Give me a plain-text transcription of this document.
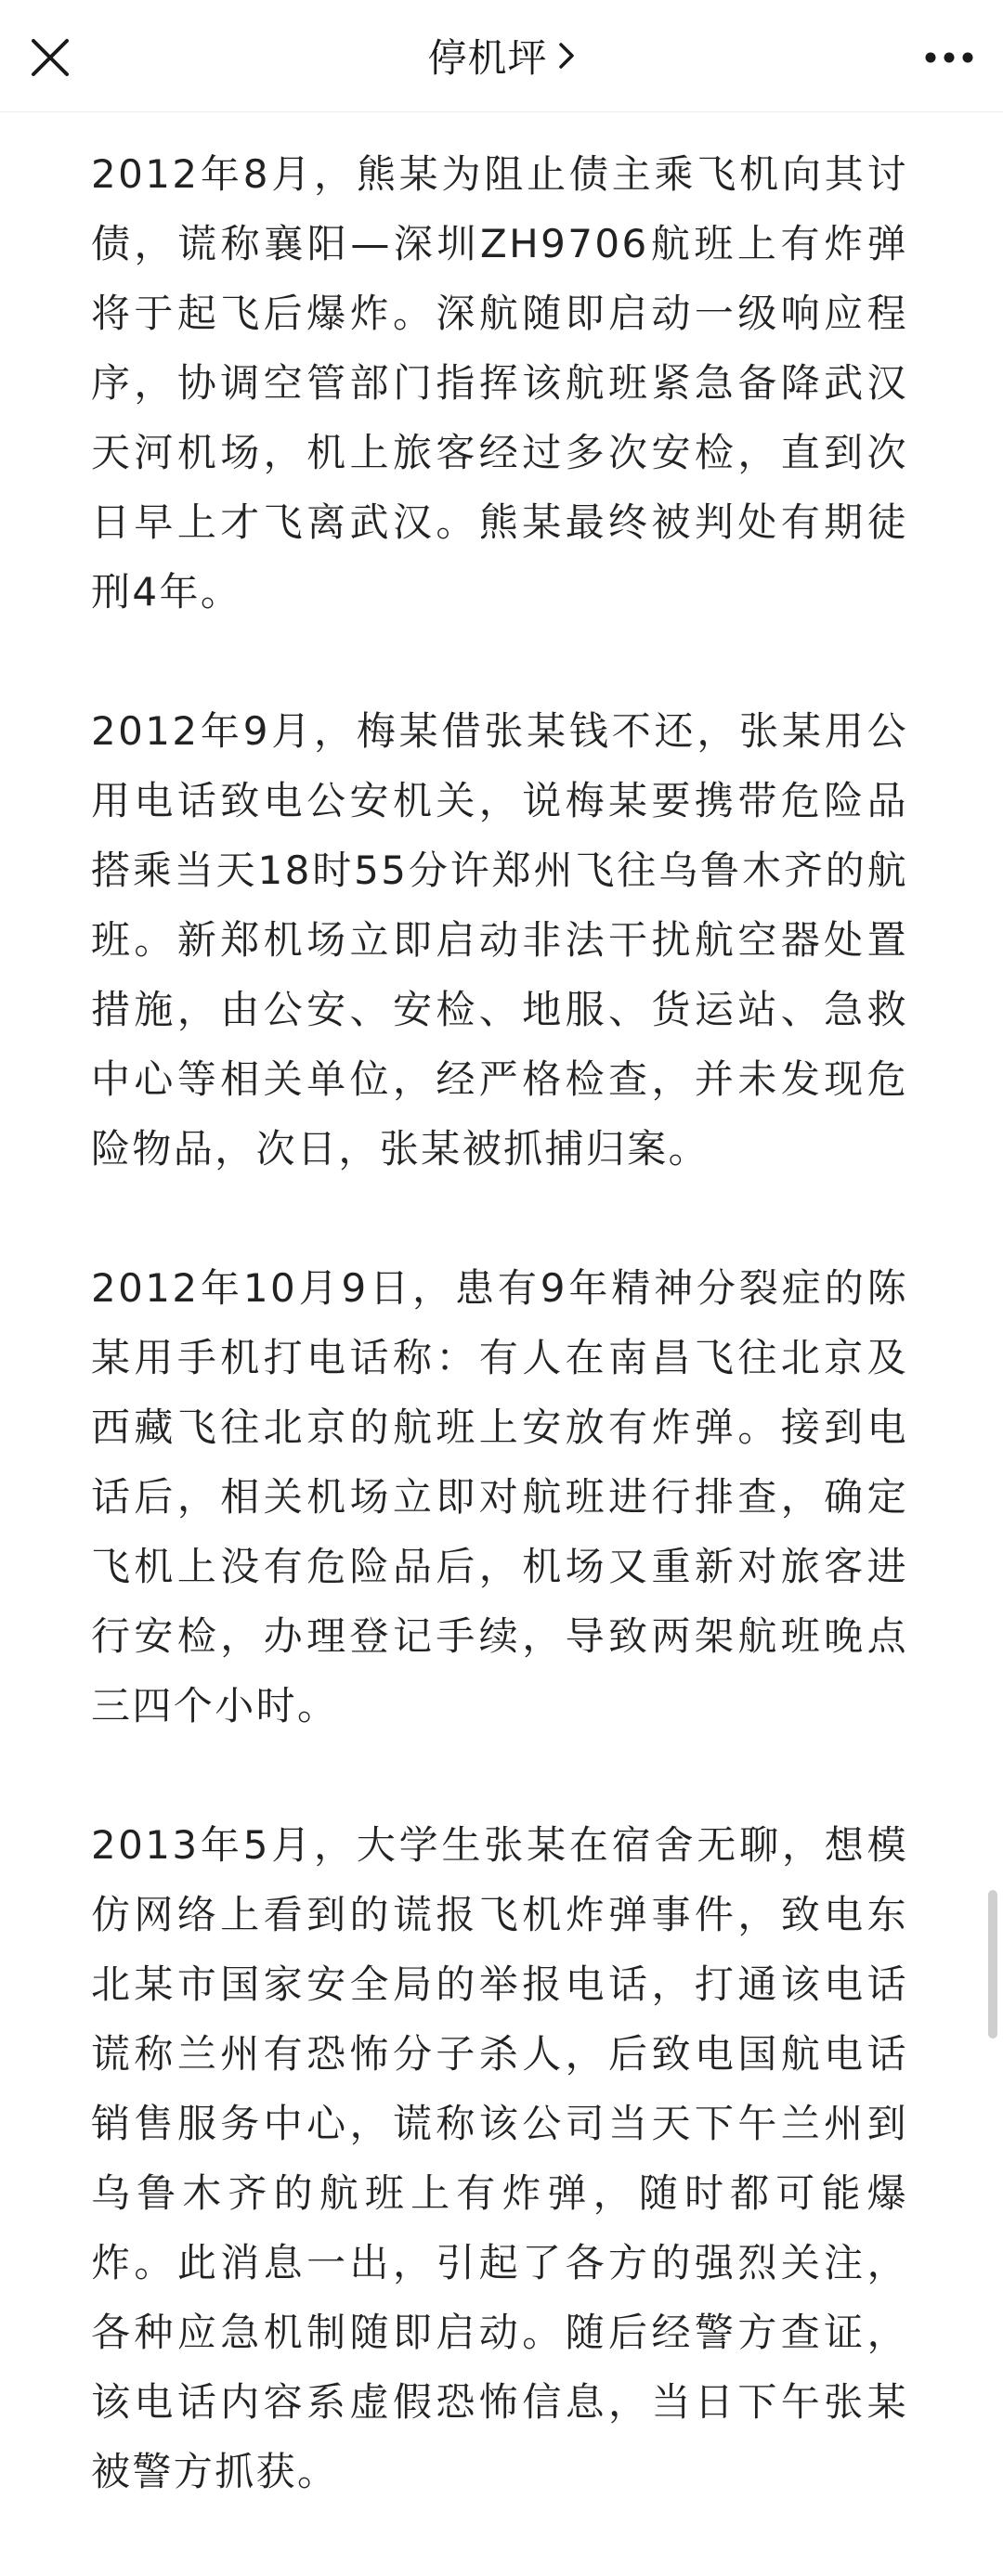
停机坪

2012年8月，熊某为阻止债主乘飞机向其讨债，谎称襄阳—深圳ZH9706航班上有炸弹将于起飞后爆炸。深航随即启动一级响应程序，协调空管部门指挥该航班紧急备降武汉天河机场，机上旅客经过多次安检，直到次日早上才飞离武汉。熊某最终被判处有期徒刑4年。

2012年9月，梅某借张某钱不还，张某用公用电话致电公安机关，说梅某要携带危险品搭乘当天18时55分许郑州飞往乌鲁木齐的航班。新郑机场立即启动非法干扰航空器处置措施，由公安、安检、地服、货运站、急救中心等相关单位，经严格检查，并未发现危险物品，次日，张某被抓捕归案。

2012年10月9日，患有9年精神分裂症的陈某用手机打电话称：有人在南昌飞往北京及西藏飞往北京的航班上安放有炸弹。接到电话后，相关机场立即对航班进行排查，确定飞机上没有危险品后，机场又重新对旅客进行安检，办理登记手续，导致两架航班晚点三四个小时。

2013年5月，大学生张某在宿舍无聊，想模仿网络上看到的谎报飞机炸弹事件，致电东北某市国家安全局的举报电话，打通该电话谎称兰州有恐怖分子杀人，后致电国航电话销售服务中心，谎称该公司当天下午兰州到乌鲁木齐的航班上有炸弹，随时都可能爆炸。此消息一出，引起了各方的强烈关注，各种应急机制随即启动。随后经警方查证，该电话内容系虚假恐怖信息，当日下午张某被警方抓获。
